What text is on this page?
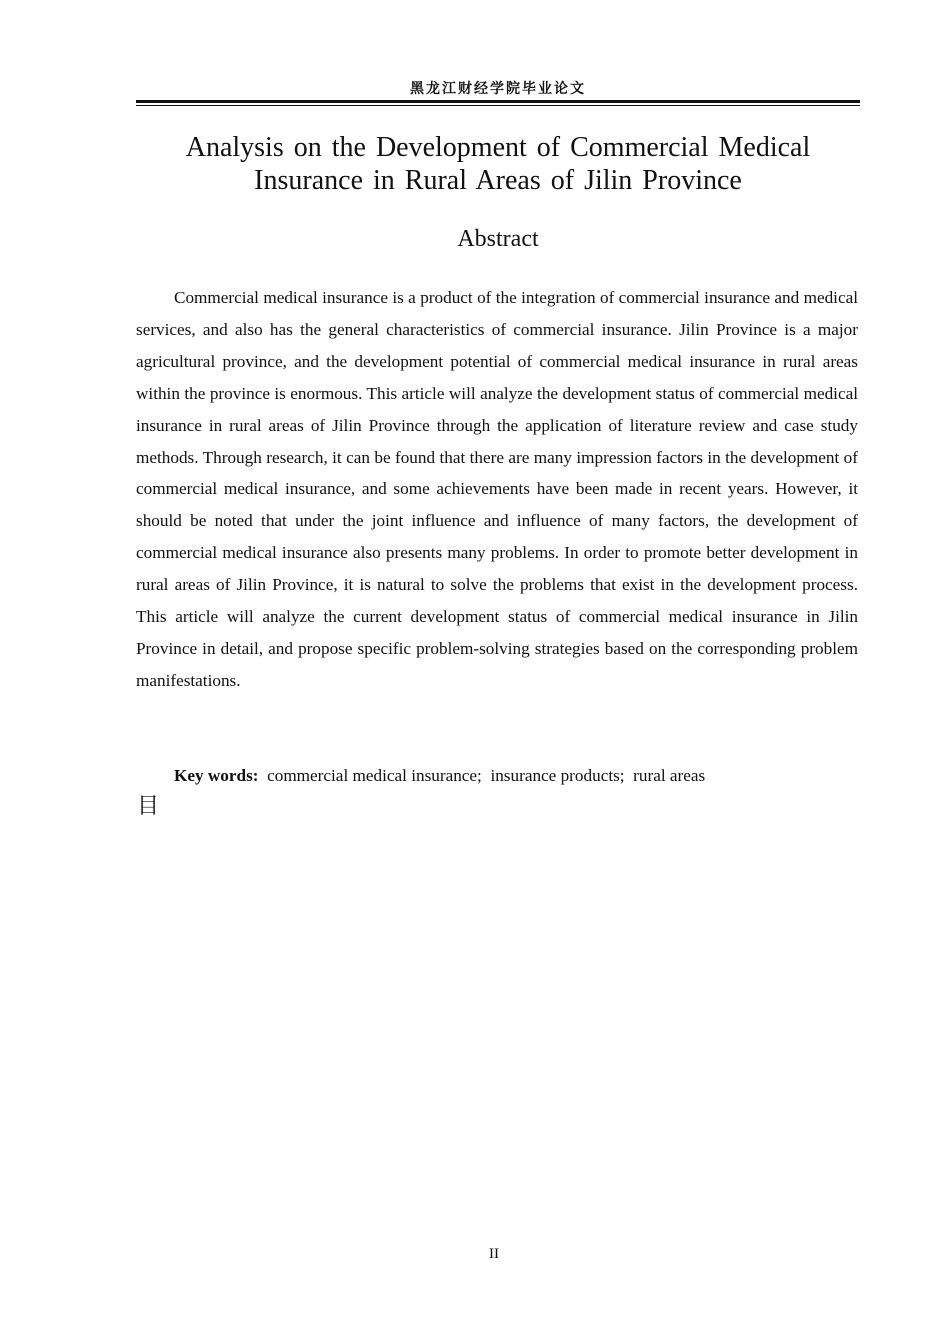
黑龙江财经学院毕业论文
Analysis on the Development of Commercial Medical
Insurance in Rural Areas of Jilin Province
Abstract

Commercial medical insurance is a product of the integration of commercial insurance and medical services, and also has the general characteristics of commercial insurance. Jilin Province is a major agricultural province, and the development potential of commercial medical insurance in rural areas within the province is enormous. This article will analyze the development status of commercial medical insurance in rural areas of Jilin Province through the application of literature review and case study methods. Through research, it can be found that there are many impression factors in the development of commercial medical insurance, and some achievements have been made in recent years. However, it should be noted that under the joint influence and influence of many factors, the development of commercial medical insurance also presents many problems. In order to promote better development in rural areas of Jilin Province, it is natural to solve the problems that exist in the development process. This article will analyze the current development status of commercial medical insurance in Jilin Province in detail, and propose specific problem-solving strategies based on the corresponding problem manifestations.

Key words: commercial medical insurance; insurance products; rural areas
目
II
